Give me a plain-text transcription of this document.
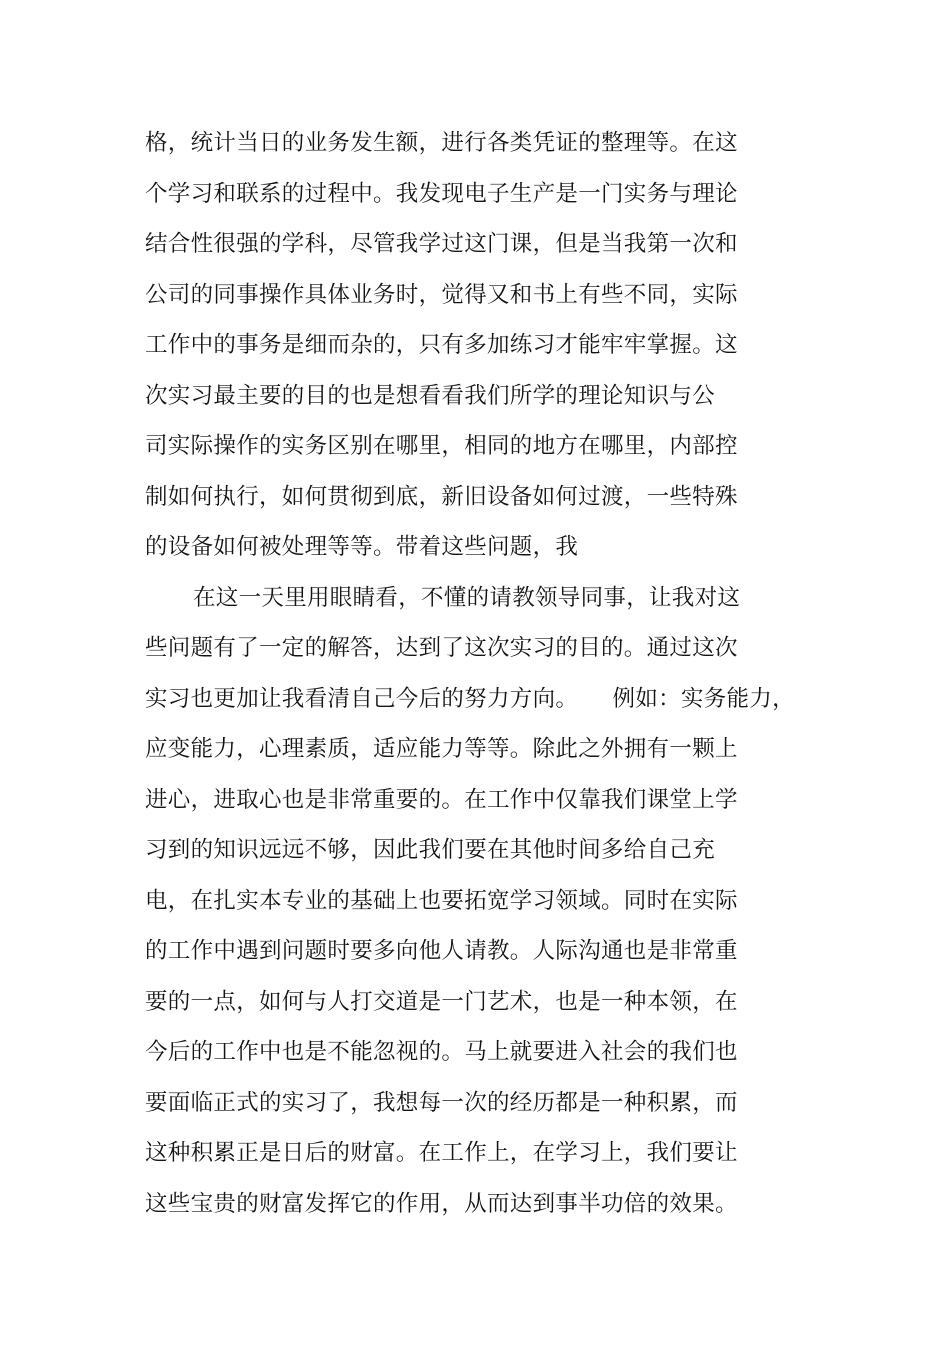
格，统计当日的业务发生额，进行各类凭证的整理等。在这
个学习和联系的过程中。我发现电子生产是一门实务与理论
结合性很强的学科，尽管我学过这门课，但是当我第一次和
公司的同事操作具体业务时，觉得又和书上有些不同，实际
工作中的事务是细而杂的，只有多加练习才能牢牢掌握。这
次实习最主要的目的也是想看看我们所学的理论知识与公
司实际操作的实务区别在哪里，相同的地方在哪里，内部控
制如何执行，如何贯彻到底，新旧设备如何过渡，一些特殊
的设备如何被处理等等。带着这些问题，我
在这一天里用眼睛看，不懂的请教领导同事，让我对这
些问题有了一定的解答，达到了这次实习的目的。通过这次
实习也更加让我看清自己今后的努力方向。　　例如：实务能力，
应变能力，心理素质，适应能力等等。除此之外拥有一颗上
进心，进取心也是非常重要的。在工作中仅靠我们课堂上学
习到的知识远远不够，因此我们要在其他时间多给自己充
电，在扎实本专业的基础上也要拓宽学习领域。同时在实际
的工作中遇到问题时要多向他人请教。人际沟通也是非常重
要的一点，如何与人打交道是一门艺术，也是一种本领，在
今后的工作中也是不能忽视的。马上就要进入社会的我们也
要面临正式的实习了，我想每一次的经历都是一种积累，而
这种积累正是日后的财富。在工作上，在学习上，我们要让
这些宝贵的财富发挥它的作用，从而达到事半功倍的效果。
